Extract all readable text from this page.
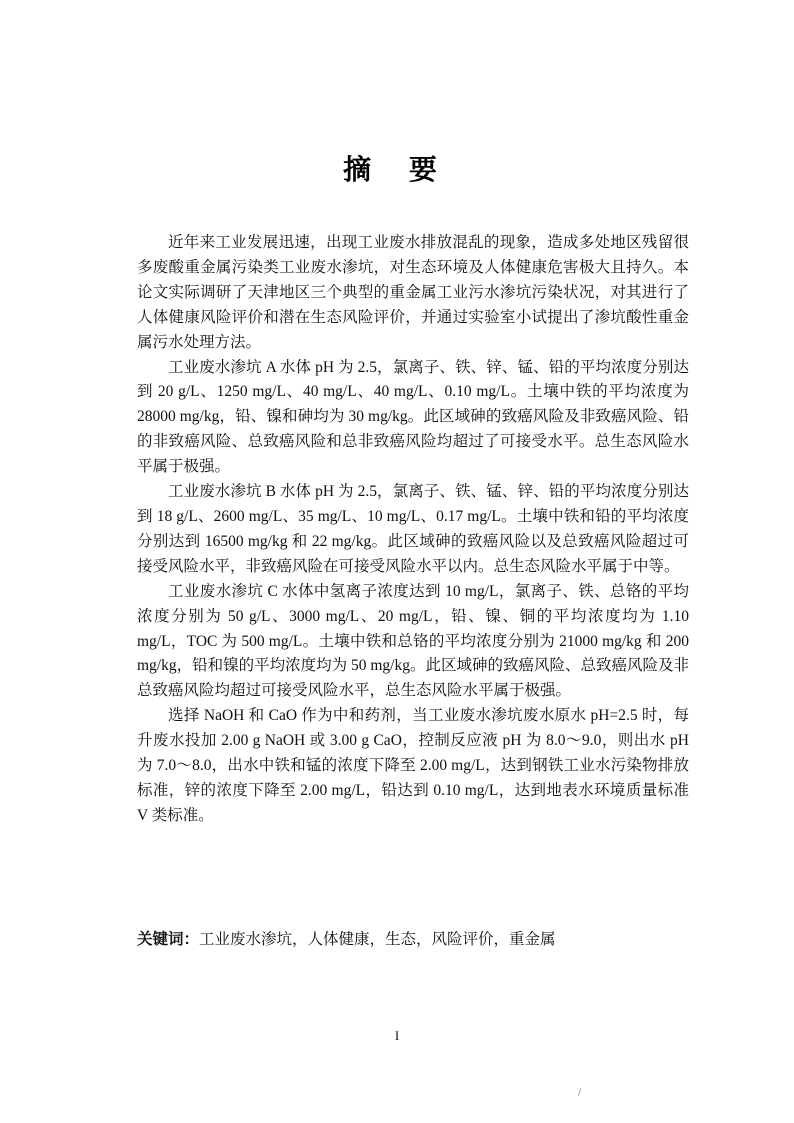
摘 要

近年来工业发展迅速，出现工业废水排放混乱的现象，造成多处地区残留很多废酸重金属污染类工业废水渗坑，对生态环境及人体健康危害极大且持久。本论文实际调研了天津地区三个典型的重金属工业污水渗坑污染状况，对其进行了人体健康风险评价和潜在生态风险评价，并通过实验室小试提出了渗坑酸性重金属污水处理方法。

工业废水渗坑 A 水体 pH 为 2.5，氯离子、铁、锌、锰、铅的平均浓度分别达到 20 g/L、1250 mg/L、40 mg/L、40 mg/L、0.10 mg/L。土壤中铁的平均浓度为 28000 mg/kg，铅、镍和砷均为 30 mg/kg。此区域砷的致癌风险及非致癌风险、铅的非致癌风险、总致癌风险和总非致癌风险均超过了可接受水平。总生态风险水平属于极强。

工业废水渗坑 B 水体 pH 为 2.5，氯离子、铁、锰、锌、铅的平均浓度分别达到 18 g/L、2600 mg/L、35 mg/L、10 mg/L、0.17 mg/L。土壤中铁和铅的平均浓度分别达到 16500 mg/kg 和 22 mg/kg。此区域砷的致癌风险以及总致癌风险超过可接受风险水平，非致癌风险在可接受风险水平以内。总生态风险水平属于中等。

工业废水渗坑 C 水体中氢离子浓度达到 10 mg/L，氯离子、铁、总铬的平均浓度分别为 50 g/L、3000 mg/L、20 mg/L，铅、镍、铜的平均浓度均为 1.10 mg/L，TOC 为 500 mg/L。土壤中铁和总铬的平均浓度分别为 21000 mg/kg 和 200 mg/kg，铅和镍的平均浓度均为 50 mg/kg。此区域砷的致癌风险、总致癌风险及非总致癌风险均超过可接受风险水平，总生态风险水平属于极强。

选择 NaOH 和 CaO 作为中和药剂，当工业废水渗坑废水原水 pH=2.5 时，每升废水投加 2.00 g NaOH 或 3.00 g CaO，控制反应液 pH 为 8.0～9.0，则出水 pH 为 7.0～8.0，出水中铁和锰的浓度下降至 2.00 mg/L，达到钢铁工业水污染物排放标准，锌的浓度下降至 2.00 mg/L，铅达到 0.10 mg/L，达到地表水环境质量标准 V 类标准。

关键词：工业废水渗坑，人体健康，生态，风险评价，重金属
I
/
